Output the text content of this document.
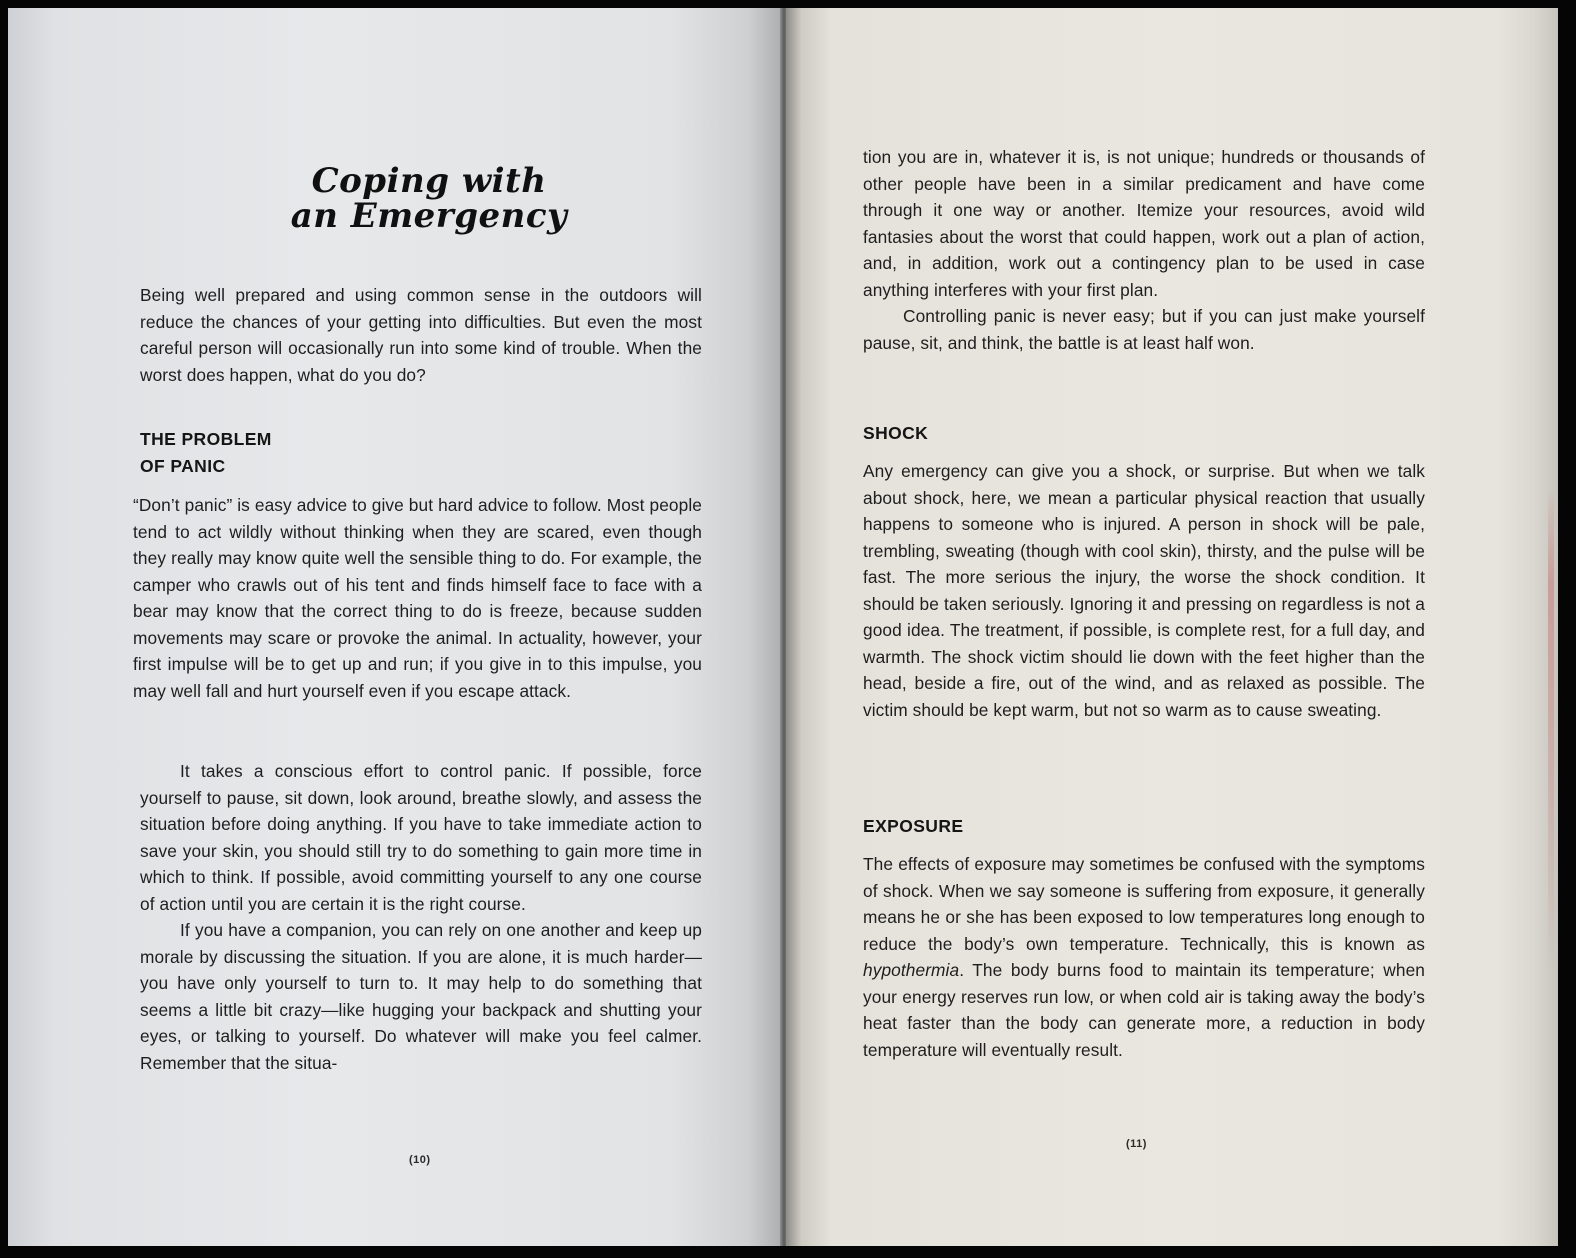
Coping with
an Emergency

Being well prepared and using common sense in the outdoors will reduce the chances of your getting into difficulties. But even the most careful person will occasionally run into some kind of trouble. When the worst does happen, what do you do?

THE PROBLEM
OF PANIC

“Don’t panic” is easy advice to give but hard advice to follow. Most people tend to act wildly without thinking when they are scared, even though they really may know quite well the sensible thing to do. For example, the camper who crawls out of his tent and finds himself face to face with a bear may know that the correct thing to do is freeze, because sudden movements may scare or provoke the animal. In actuality, however, your first impulse will be to get up and run; if you give in to this impulse, you may well fall and hurt yourself even if you escape attack.

It takes a conscious effort to control panic. If possible, force yourself to pause, sit down, look around, breathe slowly, and assess the situation before doing anything. If you have to take immediate action to save your skin, you should still try to do something to gain more time in which to think. If possible, avoid committing yourself to any one course of action until you are certain it is the right course.

If you have a companion, you can rely on one another and keep up morale by discussing the situation. If you are alone, it is much harder—you have only yourself to turn to. It may help to do something that seems a little bit crazy—like hugging your backpack and shutting your eyes, or talking to yourself. Do whatever will make you feel calmer. Remember that the situa-

(10)

tion you are in, whatever it is, is not unique; hundreds or thousands of other people have been in a similar predicament and have come through it one way or another. Itemize your resources, avoid wild fantasies about the worst that could happen, work out a plan of action, and, in addition, work out a contingency plan to be used in case anything interferes with your first plan.

Controlling panic is never easy; but if you can just make yourself pause, sit, and think, the battle is at least half won.

SHOCK

Any emergency can give you a shock, or surprise. But when we talk about shock, here, we mean a particular physical reaction that usually happens to someone who is injured. A person in shock will be pale, trembling, sweating (though with cool skin), thirsty, and the pulse will be fast. The more serious the injury, the worse the shock condition. It should be taken seriously. Ignoring it and pressing on regardless is not a good idea. The treatment, if possible, is complete rest, for a full day, and warmth. The shock victim should lie down with the feet higher than the head, beside a fire, out of the wind, and as relaxed as possible. The victim should be kept warm, but not so warm as to cause sweating.

EXPOSURE

The effects of exposure may sometimes be confused with the symptoms of shock. When we say someone is suffering from exposure, it generally means he or she has been exposed to low temperatures long enough to reduce the body’s own temperature. Technically, this is known as hypothermia. The body burns food to maintain its temperature; when your energy reserves run low, or when cold air is taking away the body’s heat faster than the body can generate more, a reduction in body temperature will eventually result.

(11)
